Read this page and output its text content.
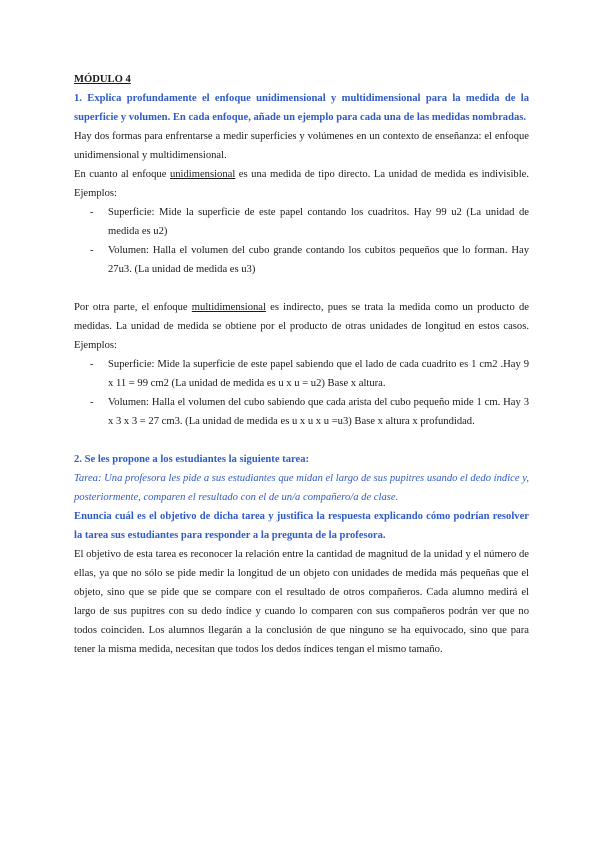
MÓDULO 4

1. Explica profundamente el enfoque unidimensional y multidimensional para la medida de la superficie y volumen. En cada enfoque, añade un ejemplo para cada una de las medidas nombradas.

Hay dos formas para enfrentarse a medir superficies y volúmenes en un contexto de enseñanza: el enfoque unidimensional y multidimensional.

En cuanto al enfoque unidimensional es una medida de tipo directo. La unidad de medida es indivisible. Ejemplos:

- Superficie: Mide la superficie de este papel contando los cuadritos. Hay 99 u2 (La unidad de medida es u2)
- Volumen: Halla el volumen del cubo grande contando los cubitos pequeños que lo forman. Hay 27u3. (La unidad de medida es u3)

Por otra parte, el enfoque multidimensional es indirecto, pues se trata la medida como un producto de medidas. La unidad de medida se obtiene por el producto de otras unidades de longitud en estos casos. Ejemplos:

- Superficie: Mide la superficie de este papel sabiendo que el lado de cada cuadrito es 1 cm2 .Hay 9 x 11 = 99 cm2 (La unidad de medida es u x u = u2) Base x altura.
- Volumen: Halla el volumen del cubo sabiendo que cada arista del cubo pequeño mide 1 cm. Hay 3 x 3 x 3 = 27 cm3. (La unidad de medida es u x u x u =u3) Base x altura x profundidad.

2. Se les propone a los estudiantes la siguiente tarea:

Tarea: Una profesora les pide a sus estudiantes que midan el largo de sus pupitres usando el dedo índice y, posteriormente, comparen el resultado con el de un/a compañero/a de clase.

Enuncia cuál es el objetivo de dicha tarea y justifica la respuesta explicando cómo podrían resolver la tarea sus estudiantes para responder a la pregunta de la profesora.

El objetivo de esta tarea es reconocer la relación entre la cantidad de magnitud de la unidad y el número de ellas, ya que no sólo se pide medir la longitud de un objeto con unidades de medida más pequeñas que el objeto, sino que se pide que se compare con el resultado de otros compañeros. Cada alumno medirá el largo de sus pupitres con su dedo índice y cuando lo comparen con sus compañeros podrán ver que no todos coinciden. Los alumnos llegarán a la conclusión de que ninguno se ha equivocado, sino que para tener la misma medida, necesitan que todos los dedos índices tengan el mismo tamaño.
